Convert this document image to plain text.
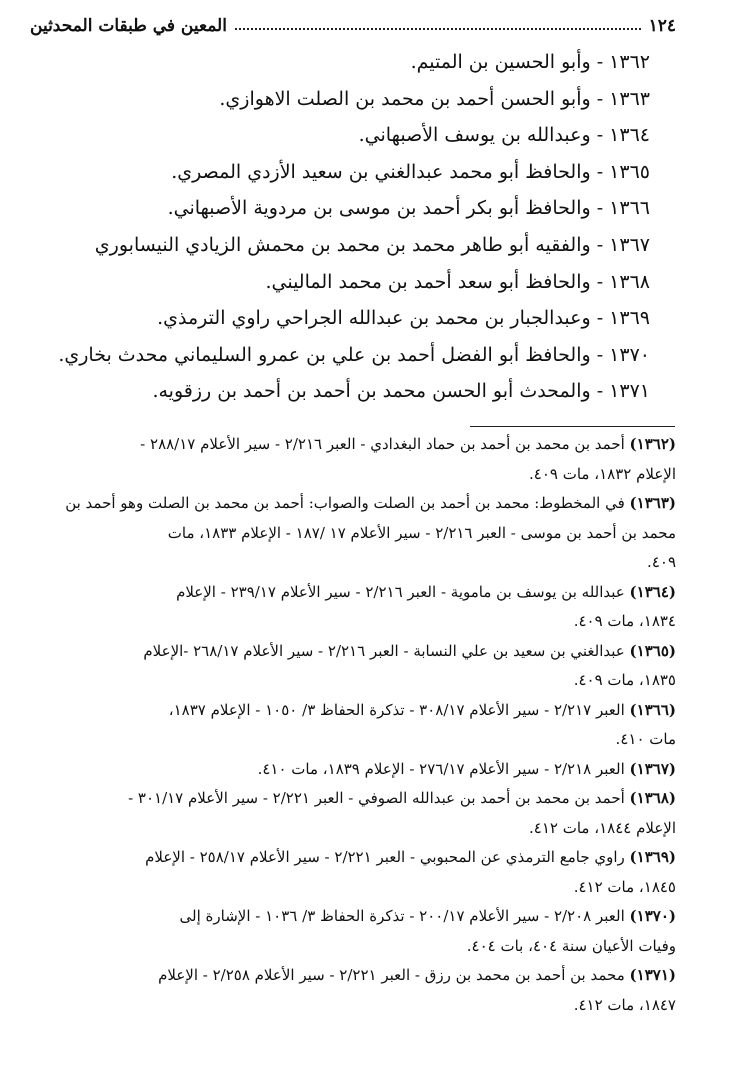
١٢٤
المعين في طبقات المحدثين
١٣٦٢ - وأبو الحسين بن المتيم.
١٣٦٣ - وأبو الحسن أحمد بن محمد بن الصلت الاهوازي.
١٣٦٤ - وعبدالله بن يوسف الأصبهاني.
١٣٦٥ - والحافظ أبو محمد عبدالغني بن سعيد الأزدي المصري.
١٣٦٦ - والحافظ أبو بكر أحمد بن موسى بن مردوية الأصبهاني.
١٣٦٧ - والفقيه أبو طاهر محمد بن محمد بن محمش الزيادي النيسابوري
١٣٦٨ - والحافظ أبو سعد أحمد بن محمد الماليني.
١٣٦٩ - وعبدالجبار بن محمد بن عبدالله الجراحي راوي الترمذي.
١٣٧٠ - والحافظ أبو الفضل أحمد بن علي بن عمرو السليماني محدث بخاري.
١٣٧١ - والمحدث أبو الحسن محمد بن أحمد بن أحمد بن رزقويه.

(١٣٦٢) أحمد بن محمد بن أحمد بن حماد البغدادي - العبر ٢/٢١٦ - سير الأعلام ٢٨٨/١٧ -

الإعلام ١٨٣٢، مات ٤٠٩.

(١٣٦٣) في المخطوط: محمد بن أحمد بن الصلت والصواب: أحمد بن محمد بن الصلت وهو أحمد بن

محمد بن أحمد بن موسى - العبر ٢/٢١٦ - سير الأعلام ١٧ /١٨٧ - الإعلام ١٨٣٣، مات

٤٠٩.

(١٣٦٤) عبدالله بن يوسف بن ماموية - العبر ٢/٢١٦ - سير الأعلام ٢٣٩/١٧ - الإعلام

١٨٣٤، مات ٤٠٩.

(١٣٦٥) عبدالغني بن سعيد بن علي النسابة - العبر ٢/٢١٦ - سير الأعلام ٢٦٨/١٧ -الإعلام

١٨٣٥، مات ٤٠٩.

(١٣٦٦) العبر ٢/٢١٧ - سير الأعلام ٣٠٨/١٧ - تذكرة الحفاظ ٣/ ١٠٥٠ - الإعلام ١٨٣٧،

مات ٤١٠.

(١٣٦٧) العبر ٢/٢١٨ - سير الأعلام ٢٧٦/١٧ - الإعلام ١٨٣٩، مات ٤١٠.

(١٣٦٨) أحمد بن محمد بن أحمد بن عبدالله الصوفي - العبر ٢/٢٢١ - سير الأعلام ٣٠١/١٧ -

الإعلام ١٨٤٤، مات ٤١٢.

(١٣٦٩) راوي جامع الترمذي عن المحبوبي - العبر ٢/٢٢١ - سير الأعلام ٢٥٨/١٧ - الإعلام

١٨٤٥، مات ٤١٢.

(١٣٧٠) العبر ٢/٢٠٨ - سير الأعلام ٢٠٠/١٧ - تذكرة الحفاظ ٣/ ١٠٣٦ - الإشارة إلى

وفيات الأعيان سنة ٤٠٤، بات ٤٠٤.

(١٣٧١) محمد بن أحمد بن محمد بن رزق - العبر ٢/٢٢١ - سير الأعلام ٢/٢٥٨ - الإعلام

١٨٤٧، مات ٤١٢.
